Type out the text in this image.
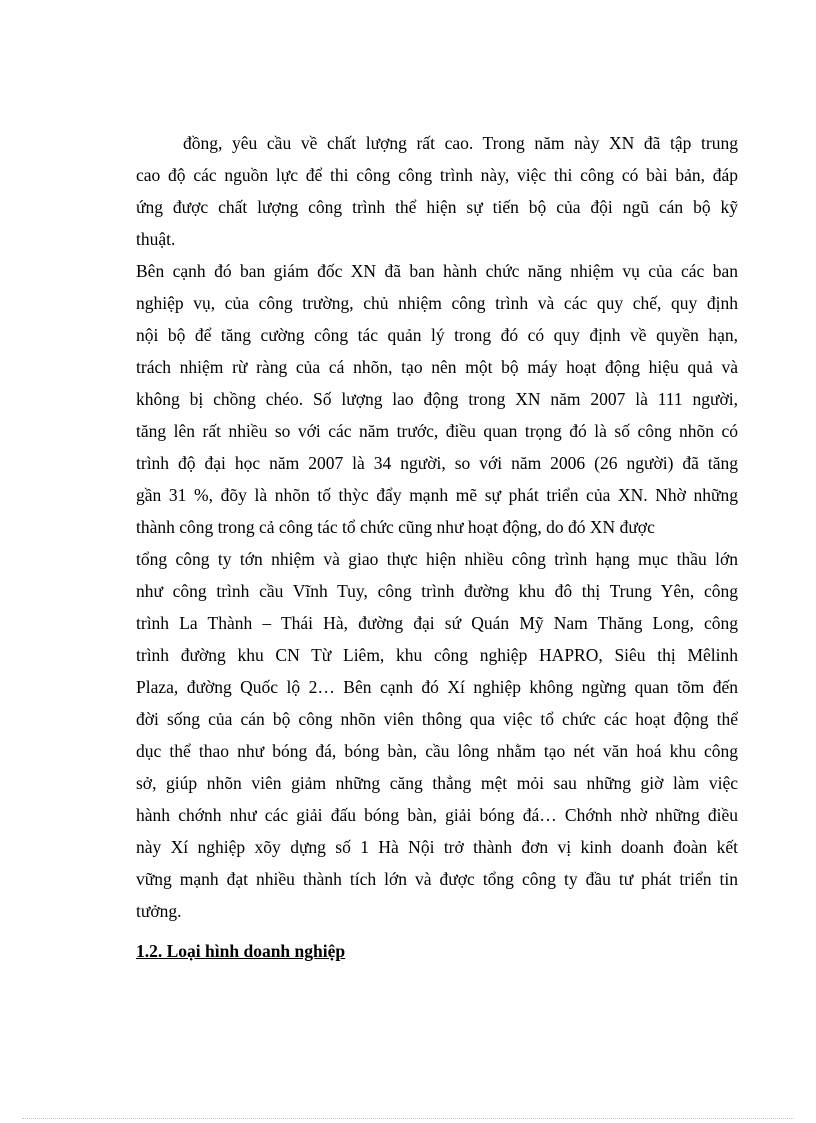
đồng, yêu cầu về chất lượng rất cao. Trong năm này XN đã tập trung
cao độ các nguồn lực để thi công công trình này, việc thi công có bài bản, đáp
ứng được chất lượng công trình thể hiện sự tiến bộ của đội ngũ cán bộ kỹ
thuật.
Bên cạnh đó ban giám đốc XN đã ban hành chức năng nhiệm vụ của các ban
nghiệp vụ, của công trường, chủ nhiệm công trình và các quy chế, quy định
nội bộ để tăng cường công tác quản lý trong đó có quy định về quyền hạn,
trách nhiệm rừ ràng của cá nhõn, tạo nên một bộ máy hoạt động hiệu quả và
không bị chồng chéo. Số lượng lao động trong XN năm 2007 là 111 người,
tăng lên rất nhiều so với các năm trước, điều quan trọng đó là số công nhõn có
trình độ đại học năm 2007 là 34 người, so với năm 2006 (26 người) đã tăng
gần 31 %, đõy là nhõn tố thỳc đẩy mạnh mẽ sự phát triển của XN. Nhờ những
thành công trong cả công tác tổ chức cũng như hoạt động, do đó XN được
tổng công ty tớn nhiệm và giao thực hiện nhiều công trình hạng mục thầu lớn
như công trình cầu Vĩnh Tuy, công trình đường khu đô thị Trung Yên, công
trình La Thành – Thái Hà, đường đại sứ Quán Mỹ Nam Thăng Long, công
trình đường khu CN Từ Liêm, khu công nghiệp HAPRO, Siêu thị Mêlinh
Plaza, đường Quốc lộ 2… Bên cạnh đó Xí nghiệp không ngừng quan tõm đến
đời sống của cán bộ công nhõn viên thông qua việc tổ chức các hoạt động thể
dục thể thao như bóng đá, bóng bàn, cầu lông nhằm tạo nét văn hoá khu công
sở, giúp nhõn viên giảm những căng thẳng mệt mỏi sau những giờ làm việc
hành chớnh như các giải đấu bóng bàn, giải bóng đá… Chớnh nhờ những điều
này Xí nghiệp xõy dựng số 1 Hà Nội trở thành đơn vị kinh doanh đoàn kết
vững mạnh đạt nhiều thành tích lớn và được tổng công ty đầu tư phát triển tin
tưởng.
1.2. Loại hình doanh nghiệp
